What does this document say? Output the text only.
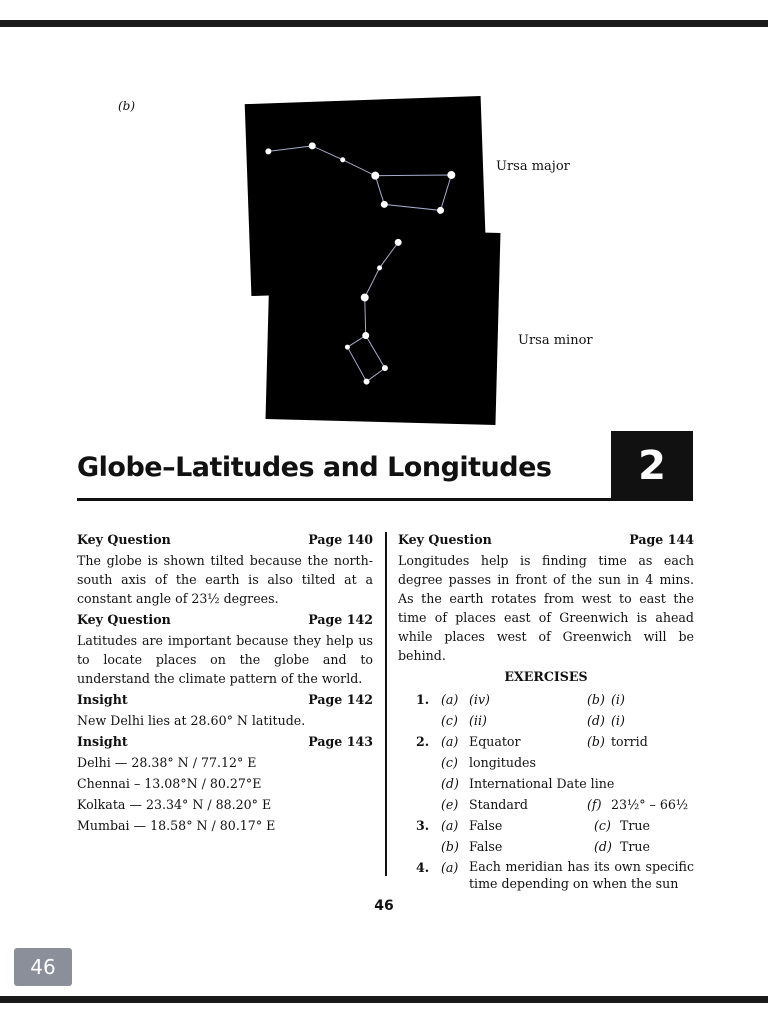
(b)
Ursa major
Ursa minor
Globe–Latitudes and Longitudes 2
Key Question	Page 140
The globe is shown tilted because the north-south axis of the earth is also tilted at a constant angle of 23½ degrees.
Key Question	Page 142
Latitudes are important because they help us to locate places on the globe and to understand the climate pattern of the world.
Insight	Page 142
New Delhi lies at 28.60° N latitude.
Insight	Page 143
Delhi — 28.38° N / 77.12° E
Chennai – 13.08°N / 80.27°E
Kolkata — 23.34° N / 88.20° E
Mumbai — 18.58° N / 80.17° E
Key Question	Page 144
Longitudes help is finding time as each degree passes in front of the sun in 4 mins. As the earth rotates from west to east the time of places east of Greenwich is ahead while places west of Greenwich will be behind.
EXERCISES
1. (a) (iv)	(b) (i)
(c) (ii)	(d) (i)
2. (a) Equator	(b) torrid
(c) longitudes
(d) International Date line
(e) Standard	(f) 23½° – 66½
3. (a) False	(c) True
(b) False	(d) True
4. (a) Each meridian has its own specific time depending on when the sun
46
46
